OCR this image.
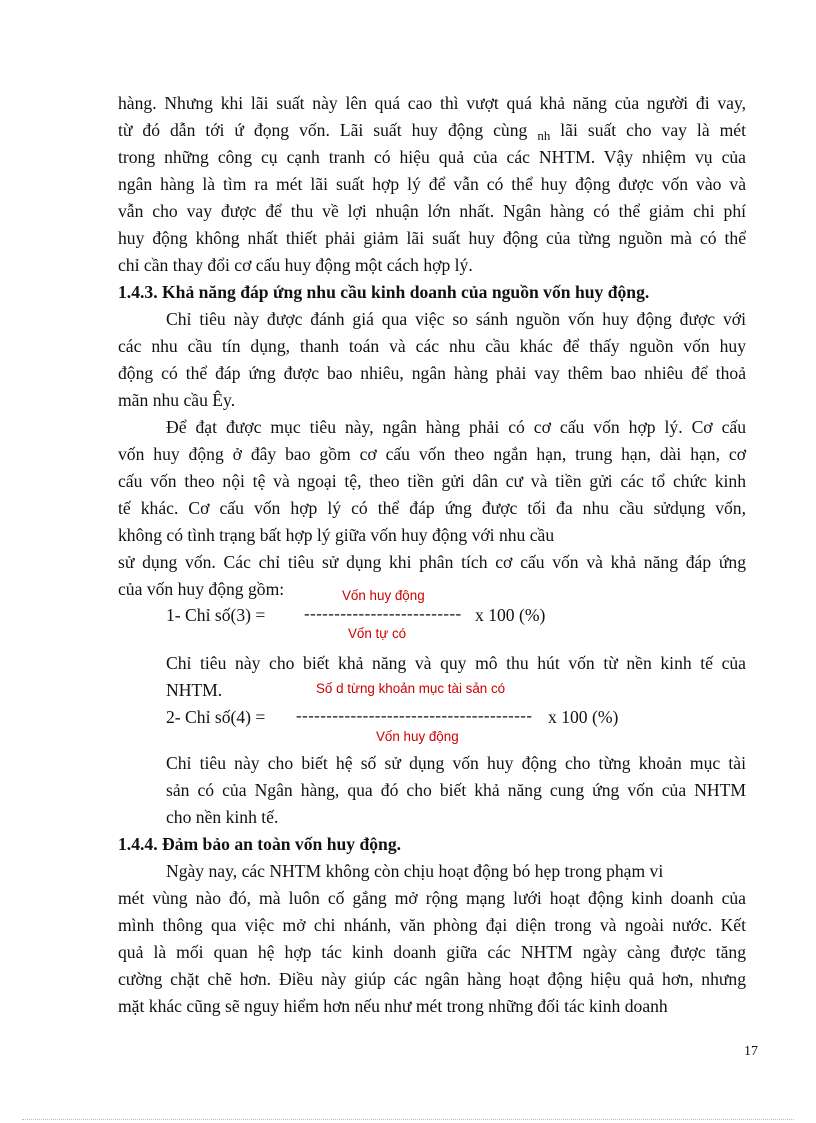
hàng. Nhưng khi lãi suất này lên quá cao thì vượt quá khả năng của người đi vay,
từ đó dẫn tới ứ đọng vốn. Lãi suất huy động cùng $_{nh}$ lãi suất cho vay là mét
trong những công cụ cạnh tranh có hiệu quả của các NHTM. Vậy nhiệm vụ của
ngân hàng là tìm ra mét lãi suất hợp lý để vẫn có thể huy động được vốn vào và
vẫn cho vay được để thu về lợi nhuận lớn nhất. Ngân hàng có thể giảm chi phí
huy động không nhất thiết phải giảm lãi suất huy động của từng nguồn mà có thể
chỉ cần thay đổi cơ cấu huy động một cách hợp lý.
1.4.3. Khả năng đáp ứng nhu cầu kinh doanh của nguồn vốn huy động.
Chỉ tiêu này được đánh giá qua việc so sánh nguồn vốn huy động được với
các nhu cầu tín dụng, thanh toán và các nhu cầu khác để thấy nguồn vốn huy
động có thể đáp ứng được bao nhiêu, ngân hàng phải vay thêm bao nhiêu để thoả
mãn nhu cầu Êy.
Để đạt được mục tiêu này, ngân hàng phải có cơ cấu vốn hợp lý. Cơ cấu
vốn huy động ở đây bao gồm cơ cấu vốn theo ngắn hạn, trung hạn, dài hạn, cơ
cấu vốn theo nội tệ và ngoại tệ, theo tiền gửi dân cư và tiền gửi các tổ chức kinh
tế khác. Cơ cấu vốn hợp lý có thể đáp ứng được tối đa nhu cầu sửdụng vốn,
không có tình trạng bất hợp lý giữa vốn huy động với nhu cầu
sử dụng vốn. Các chỉ tiêu sử dụng khi phân tích cơ cấu vốn và khả năng đáp ứng
của vốn huy động gồm:	Vốn huy động
1- Chỉ số(3) = -------------------------- x 100 (%)
Vốn tự có
Chỉ tiêu này cho biết khả năng và quy mô thu hút vốn từ nền kinh tế của
NHTM.	Số d từng khoản mục tài sản có
2- Chỉ số(4) = --------------------------------------- x 100 (%)
Vốn huy động
Chỉ tiêu này cho biết hệ số sử dụng vốn huy động cho từng khoản mục tài
sản có của Ngân hàng, qua đó cho biết khả năng cung ứng vốn của NHTM
cho nền kinh tế.
1.4.4. Đảm bảo an toàn vốn huy động.
Ngày nay, các NHTM không còn chịu hoạt động bó hẹp trong phạm vi
mét vùng nào đó, mà luôn cố gắng mở rộng mạng lưới hoạt động kinh doanh của
mình thông qua việc mở chi nhánh, văn phòng đại diện trong và ngoài nước. Kết
quả là mối quan hệ hợp tác kinh doanh giữa các NHTM ngày càng được tăng
cường chặt chẽ hơn. Điều này giúp các ngân hàng hoạt động hiệu quả hơn, nhưng
mặt khác cũng sẽ nguy hiểm hơn nếu như mét trong những đối tác kinh doanh
17
